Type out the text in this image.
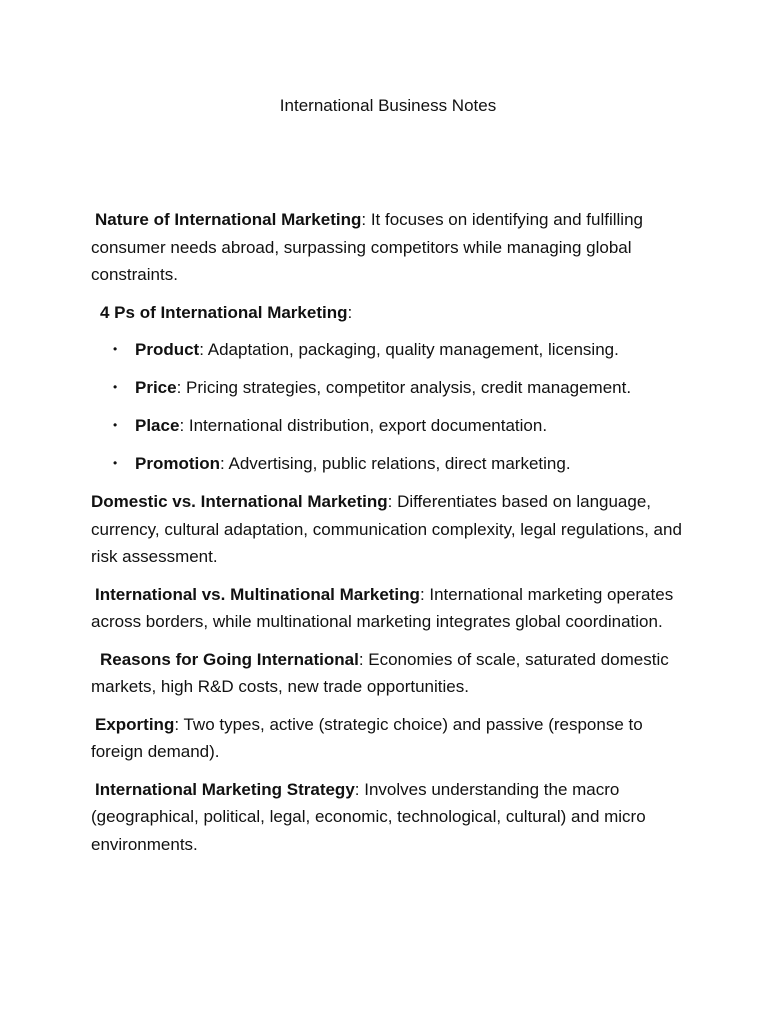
International Business Notes

Nature of International Marketing: It focuses on identifying and fulfilling consumer needs abroad, surpassing competitors while managing global constraints.

4 Ps of International Marketing:

• Product: Adaptation, packaging, quality management, licensing.
• Price: Pricing strategies, competitor analysis, credit management.
• Place: International distribution, export documentation.
• Promotion: Advertising, public relations, direct marketing.

Domestic vs. International Marketing: Differentiates based on language, currency, cultural adaptation, communication complexity, legal regulations, and risk assessment.

International vs. Multinational Marketing: International marketing operates across borders, while multinational marketing integrates global coordination.

Reasons for Going International: Economies of scale, saturated domestic markets, high R&D costs, new trade opportunities.

Exporting: Two types, active (strategic choice) and passive (response to foreign demand).

International Marketing Strategy: Involves understanding the macro (geographical, political, legal, economic, technological, cultural) and micro environments.
